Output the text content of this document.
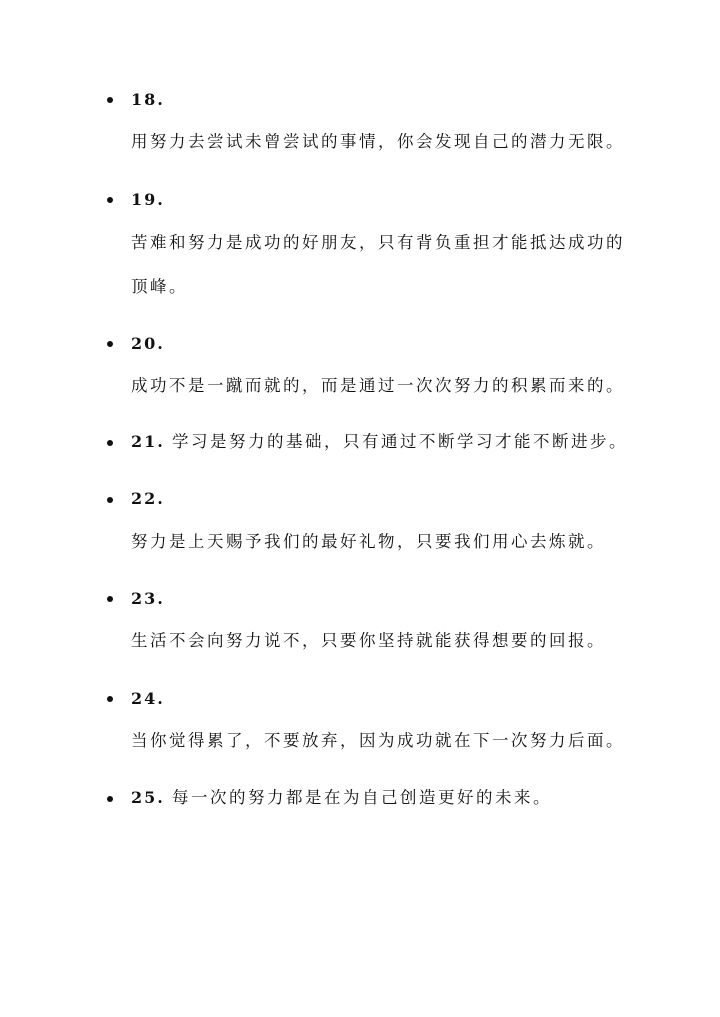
18.
用努力去尝试未曾尝试的事情，你会发现自己的潜力无限。
19.
苦难和努力是成功的好朋友，只有背负重担才能抵达成功的
顶峰。
20.
成功不是一蹴而就的，而是通过一次次努力的积累而来的。
21. 学习是努力的基础，只有通过不断学习才能不断进步。
22.
努力是上天赐予我们的最好礼物，只要我们用心去炼就。
23.
生活不会向努力说不，只要你坚持就能获得想要的回报。
24.
当你觉得累了，不要放弃，因为成功就在下一次努力后面。
25. 每一次的努力都是在为自己创造更好的未来。
